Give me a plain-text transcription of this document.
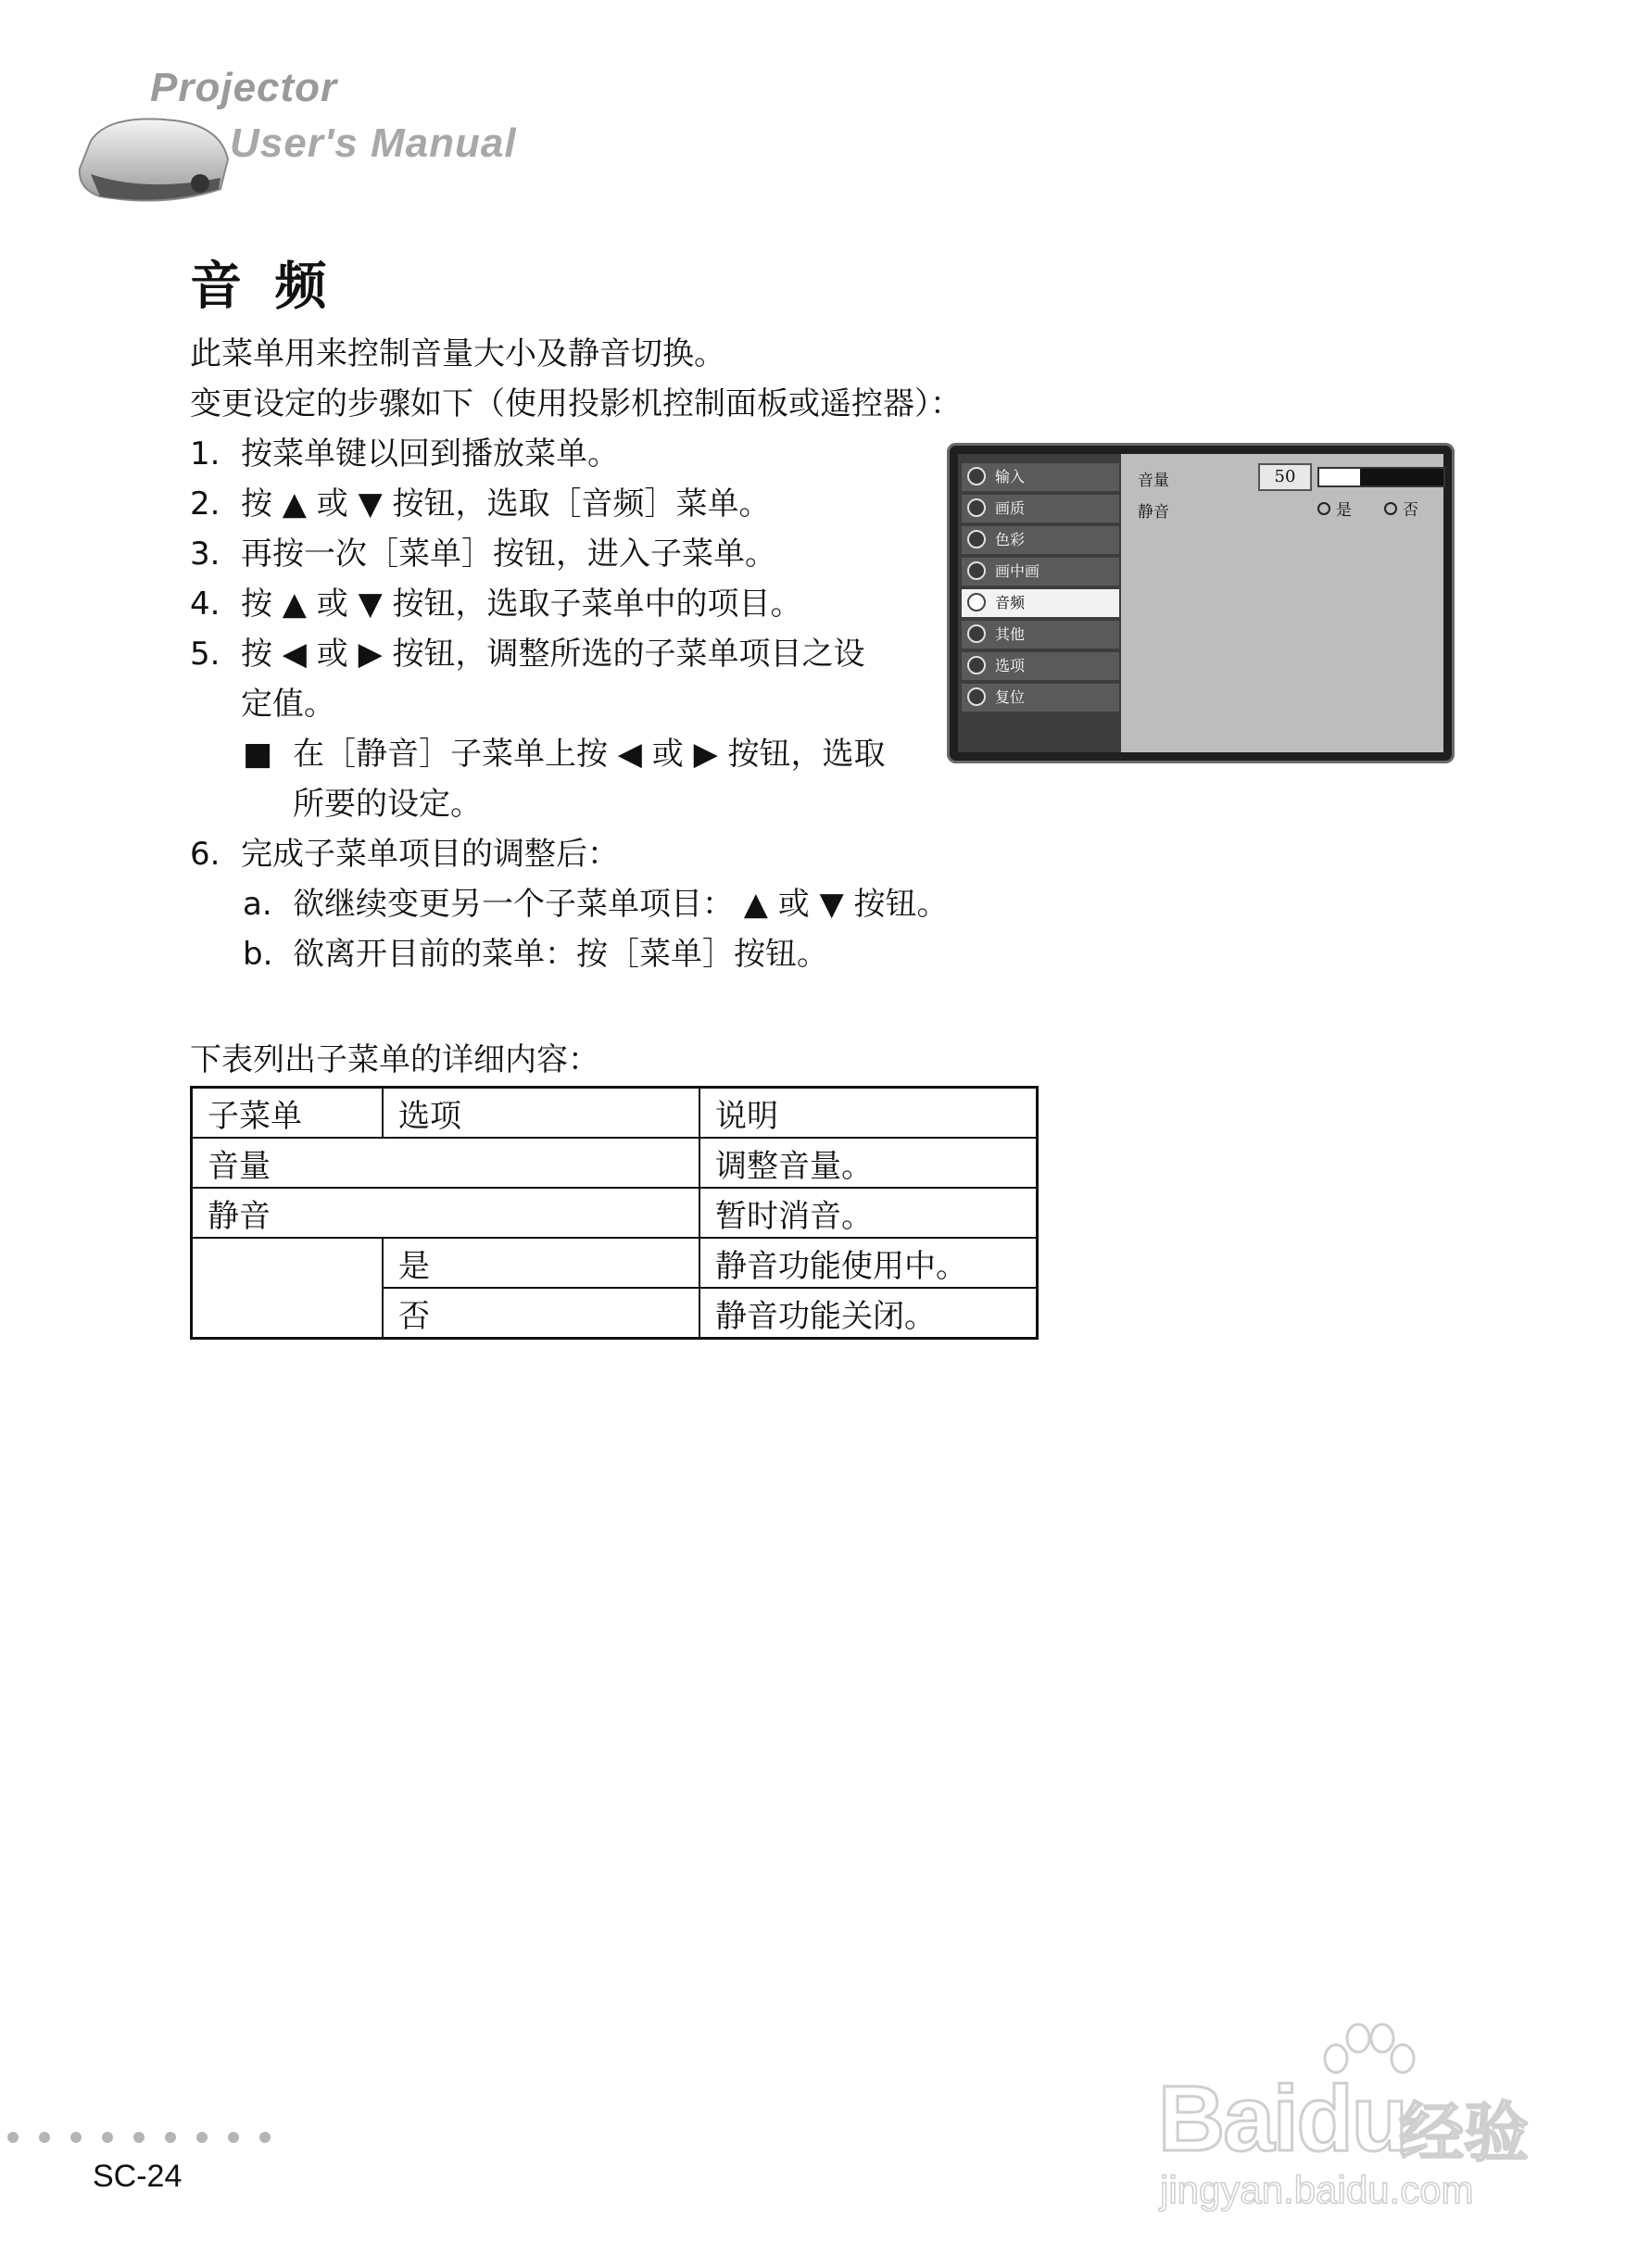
Projector
User's Manual
音 频
此菜单用来控制音量大小及静音切换。
变更设定的步骤如下（使用投影机控制面板或遥控器）：
1. 按菜单键以回到播放菜单。
2. 按 ▲ 或 ▼ 按钮，选取［音频］菜单。
3. 再按一次［菜单］按钮，进入子菜单。
4. 按 ▲ 或 ▼ 按钮，选取子菜单中的项目。
5. 按 ◀ 或 ▶ 按钮，调整所选的子菜单项目之设
定值。
■ 在［静音］子菜单上按 ◀ 或 ▶ 按钮，选取
所要的设定。
6. 完成子菜单项目的调整后：
a. 欲继续变更另一个子菜单项目： ▲ 或 ▼ 按钮。
b. 欲离开目前的菜单：按［菜单］按钮。
输入
画质
色彩
画中画
音频
其他
选项
复位
音量	50
静音	是	否
下表列出子菜单的详细内容：
子菜单	选项	说明
音量		调整音量。
静音		暂时消音。
	是	静音功能使用中。
	否	静音功能关闭。
SC-24
Baidu
经验
jingyan.baidu.com
